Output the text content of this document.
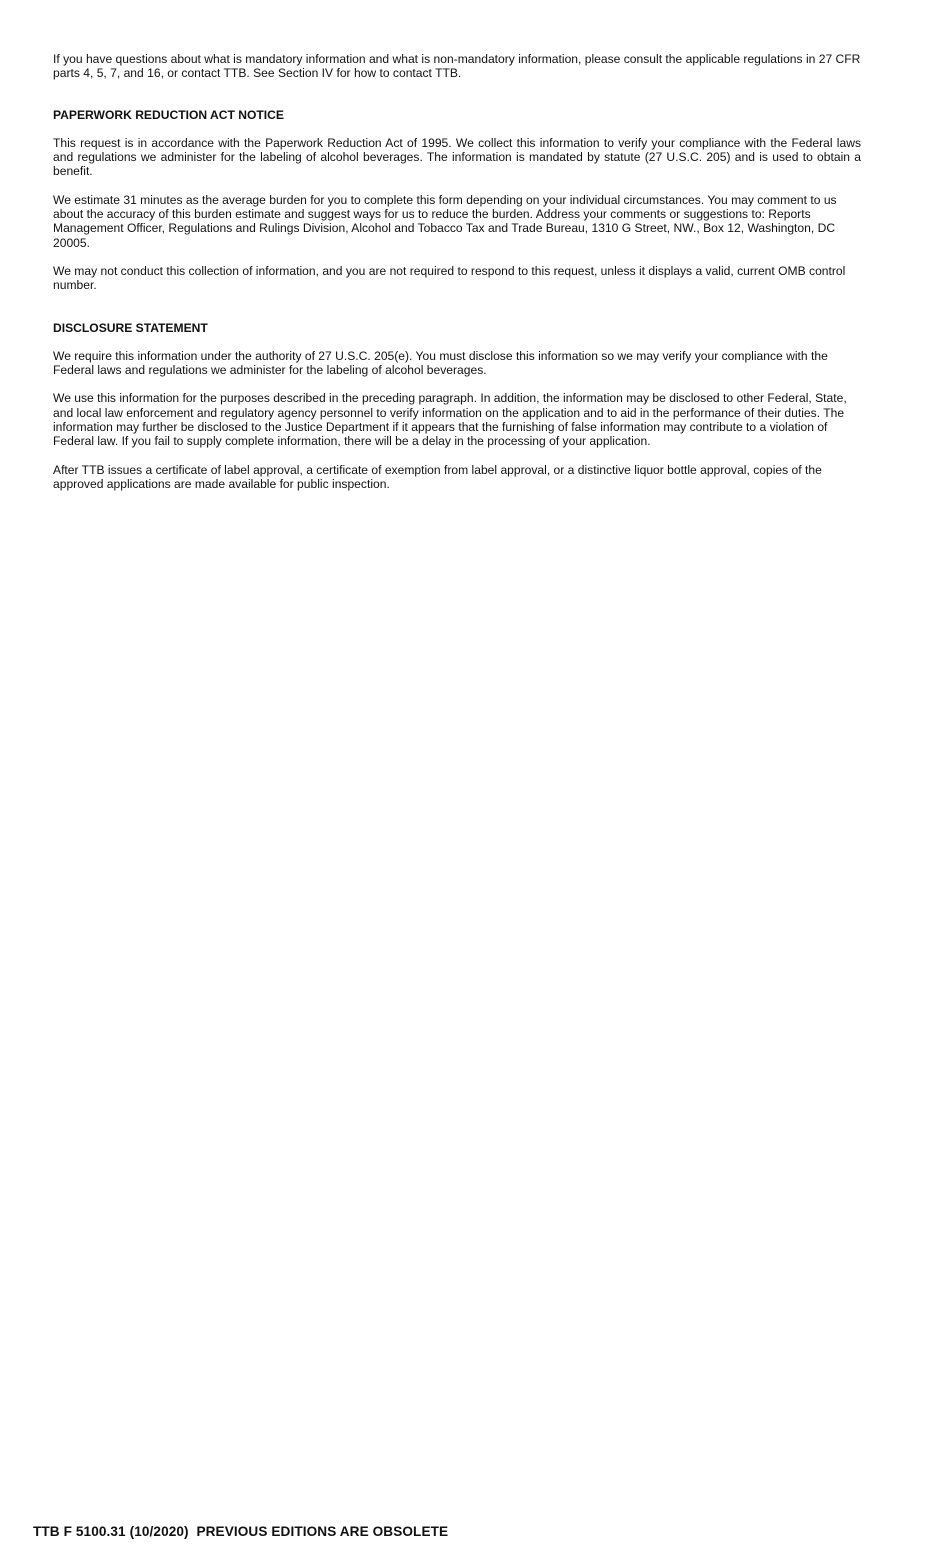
If you have questions about what is mandatory information and what is non-mandatory information, please consult the applicable regulations in 27 CFR parts 4, 5, 7, and 16, or contact TTB. See Section IV for how to contact TTB.

PAPERWORK REDUCTION ACT NOTICE

This request is in accordance with the Paperwork Reduction Act of 1995. We collect this information to verify your compliance with the Federal laws and regulations we administer for the labeling of alcohol beverages. The information is mandated by statute (27 U.S.C. 205) and is used to obtain a benefit.

We estimate 31 minutes as the average burden for you to complete this form depending on your individual circumstances. You may comment to us about the accuracy of this burden estimate and suggest ways for us to reduce the burden. Address your comments or suggestions to: Reports Management Officer, Regulations and Rulings Division, Alcohol and Tobacco Tax and Trade Bureau, 1310 G Street, NW., Box 12, Washington, DC 20005.

We may not conduct this collection of information, and you are not required to respond to this request, unless it displays a valid, current OMB control number.

DISCLOSURE STATEMENT

We require this information under the authority of 27 U.S.C. 205(e). You must disclose this information so we may verify your compliance with the Federal laws and regulations we administer for the labeling of alcohol beverages.

We use this information for the purposes described in the preceding paragraph. In addition, the information may be disclosed to other Federal, State, and local law enforcement and regulatory agency personnel to verify information on the application and to aid in the performance of their duties. The information may further be disclosed to the Justice Department if it appears that the furnishing of false information may contribute to a violation of Federal law. If you fail to supply complete information, there will be a delay in the processing of your application.

After TTB issues a certificate of label approval, a certificate of exemption from label approval, or a distinctive liquor bottle approval, copies of the approved applications are made available for public inspection.

TTB F 5100.31 (10/2020)  PREVIOUS EDITIONS ARE OBSOLETE
